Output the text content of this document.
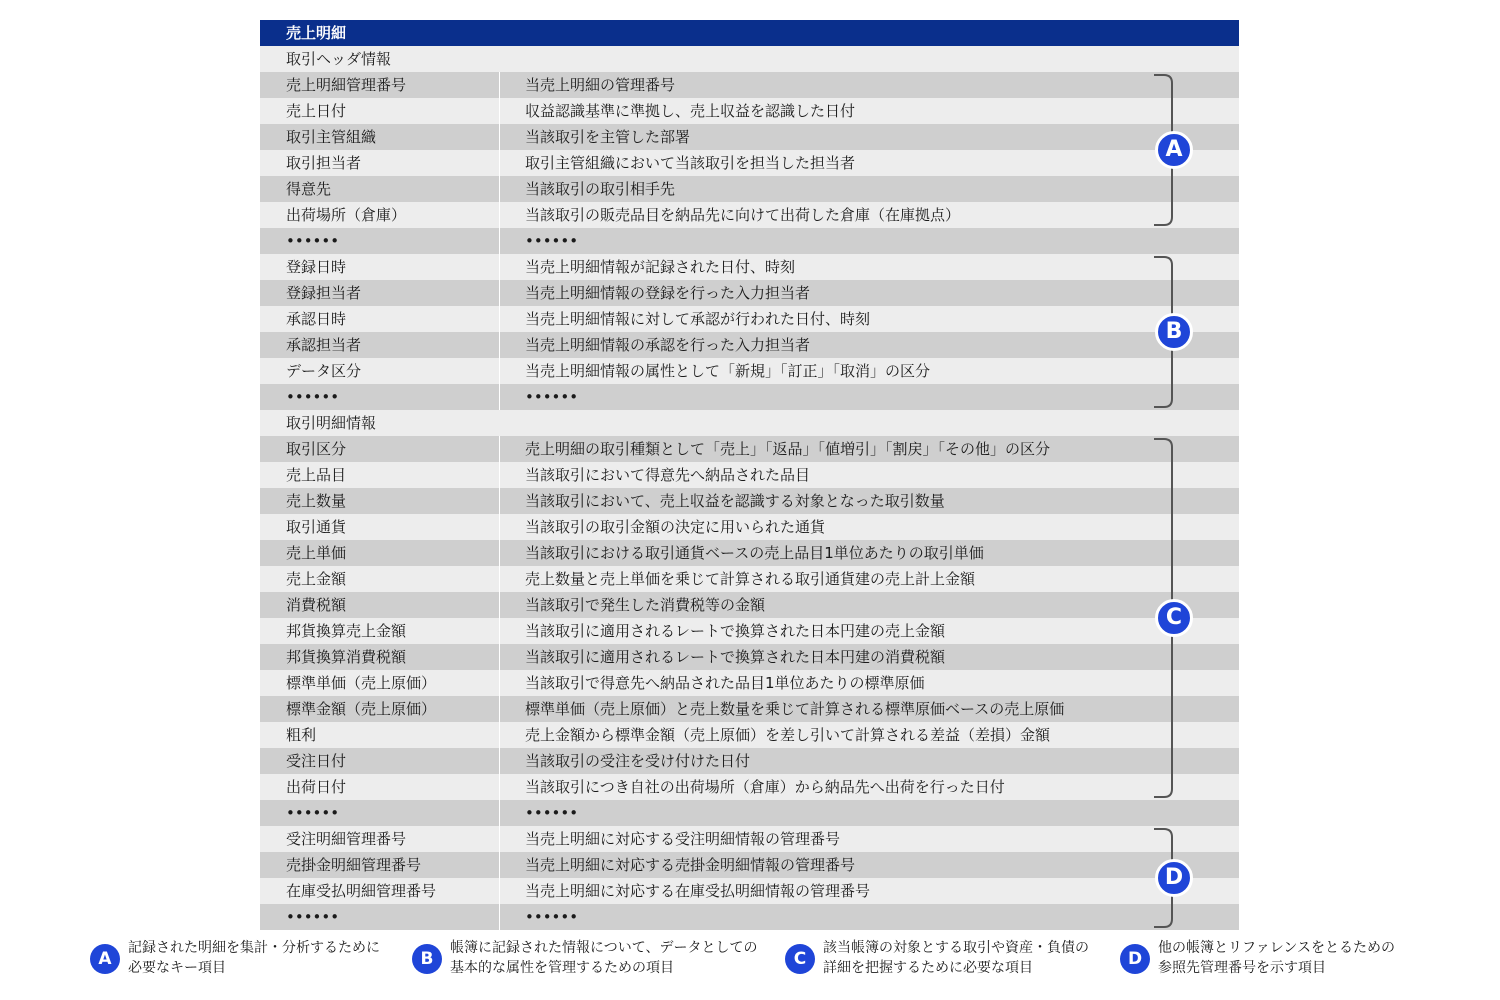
売上明細
取引ヘッダ情報
売上明細管理番号	当売上明細の管理番号
売上日付	収益認識基準に準拠し、売上収益を認識した日付
取引主管組織	当該取引を主管した部署
取引担当者	取引主管組織において当該取引を担当した担当者
得意先	当該取引の取引相手先
出荷場所（倉庫）	当該取引の販売品目を納品先に向けて出荷した倉庫（在庫拠点）
••••••	••••••
登録日時	当売上明細情報が記録された日付、時刻
登録担当者	当売上明細情報の登録を行った入力担当者
承認日時	当売上明細情報に対して承認が行われた日付、時刻
承認担当者	当売上明細情報の承認を行った入力担当者
データ区分	当売上明細情報の属性として「新規」「訂正」「取消」の区分
••••••	••••••
取引明細情報
取引区分	売上明細の取引種類として「売上」「返品」「値増引」「割戻」「その他」の区分
売上品目	当該取引において得意先へ納品された品目
売上数量	当該取引において、売上収益を認識する対象となった取引数量
取引通貨	当該取引の取引金額の決定に用いられた通貨
売上単価	当該取引における取引通貨ベースの売上品目1単位あたりの取引単価
売上金額	売上数量と売上単価を乗じて計算される取引通貨建の売上計上金額
消費税額	当該取引で発生した消費税等の金額
邦貨換算売上金額	当該取引に適用されるレートで換算された日本円建の売上金額
邦貨換算消費税額	当該取引に適用されるレートで換算された日本円建の消費税額
標準単価（売上原価）	当該取引で得意先へ納品された品目1単位あたりの標準原価
標準金額（売上原価）	標準単価（売上原価）と売上数量を乗じて計算される標準原価ベースの売上原価
粗利	売上金額から標準金額（売上原価）を差し引いて計算される差益（差損）金額
受注日付	当該取引の受注を受け付けた日付
出荷日付	当該取引につき自社の出荷場所（倉庫）から納品先へ出荷を行った日付
••••••	••••••
受注明細管理番号	当売上明細に対応する受注明細情報の管理番号
売掛金明細管理番号	当売上明細に対応する売掛金明細情報の管理番号
在庫受払明細管理番号	当売上明細に対応する在庫受払明細情報の管理番号
••••••	••••••
A
B
C
D
A
記録された明細を集計・分析するために
必要なキー項目	B
帳簿に記録された情報について、データとしての
基本的な属性を管理するための項目	C
該当帳簿の対象とする取引や資産・負債の
詳細を把握するために必要な項目	D
他の帳簿とリファレンスをとるための
参照先管理番号を示す項目
